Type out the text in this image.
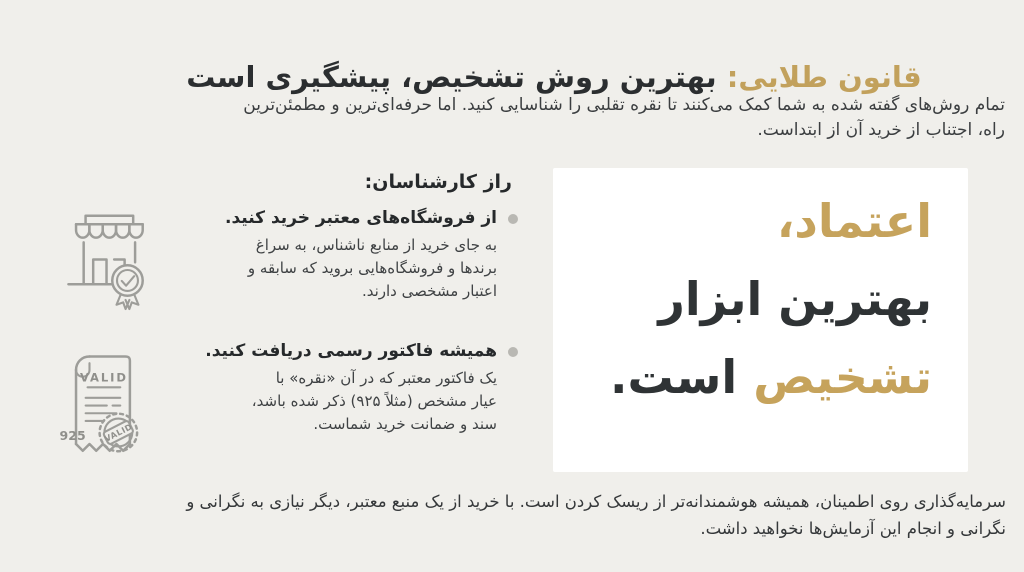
قانون طلایی: بهترین روش تشخیص، پیشگیری است

تمام روش‌های گفته شده به شما کمک می‌کنند تا نقره تقلبی را شناسایی کنید. اما حرفه‌ای‌ترین و مطمئن‌ترین
راه، اجتناب از خرید آن از ابتداست.

راز کارشناسان:

از فروشگاه‌های معتبر خرید کنید.

به جای خرید از منابع ناشناس، به سراغ برندها و فروشگاه‌هایی بروید که سابقه و اعتبار مشخصی دارند.

همیشه فاکتور رسمی دریافت کنید.

یک فاکتور معتبر که در آن «نقره» با عیار مشخص (مثلاً ۹۲۵) ذکر شده باشد، سند و ضمانت خرید شماست.

VALID
925 VALID
اعتماد،
بهترین ابزار
تشخیص است.

سرمایه‌گذاری روی اطمینان، همیشه هوشمندانه‌تر از ریسک کردن است. با خرید از یک منبع معتبر، دیگر نیازی به نگرانی و
نگرانی و انجام این آزمایش‌ها نخواهید داشت.
